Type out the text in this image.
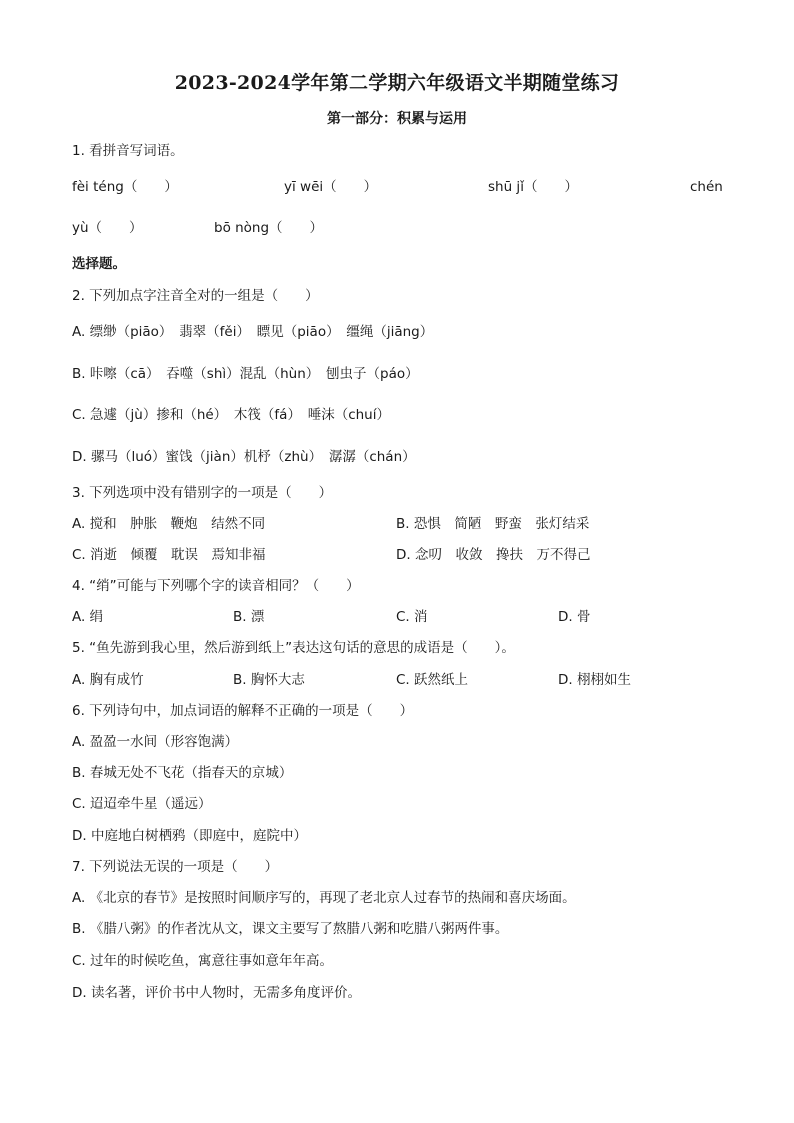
2023-2024学年第二学期六年级语文半期随堂练习
第一部分：积累与运用
1. 看拼音写词语。
fèi téng（　　）	yī wēi（　　）	shū jǐ（　　）	chén
yù（　　）	bō nòng（　　）
选择题。
2. 下列加点字注音全对的一组是（　　）
A. 缥缈（piāo）　翡翠（fěi）　瞟见（piāo）　缰绳（jiāng）
B. 咔嚓（cā）　吞噬（shì）混乱（hùn）　刨虫子（páo）
C. 急遽（jù）掺和（hé）　木筏（fá）　唾沫（chuí）
D. 骡马（luó）蜜饯（jiàn）机杼（zhù）　潺潺（chán）
3. 下列选项中没有错别字的一项是（　　）
A. 搅和　肿胀　鞭炮　结然不同	B. 恐惧　简陋　野蛮　张灯结采
C. 消逝　倾覆　耽误　焉知非福	D. 念叨　收敛　搀扶　万不得己
4. “绡”可能与下列哪个字的读音相同？（　　）
A. 绢	B. 漂	C. 消	D. 骨
5. “鱼先游到我心里，然后游到纸上”表达这句话的意思的成语是（　　）。
A. 胸有成竹	B. 胸怀大志	C. 跃然纸上	D. 栩栩如生
6. 下列诗句中，加点词语的解释不正确的一项是（　　）
A. 盈盈一水间（形容饱满）
B. 春城无处不飞花（指春天的京城）
C. 迢迢牵牛星（遥远）
D. 中庭地白树栖鸦（即庭中，庭院中）
7. 下列说法无误的一项是（　　）
A. 《北京的春节》是按照时间顺序写的，再现了老北京人过春节的热闹和喜庆场面。
B. 《腊八粥》的作者沈从文，课文主要写了熬腊八粥和吃腊八粥两件事。
C. 过年的时候吃鱼，寓意往事如意年年高。
D. 读名著，评价书中人物时，无需多角度评价。
